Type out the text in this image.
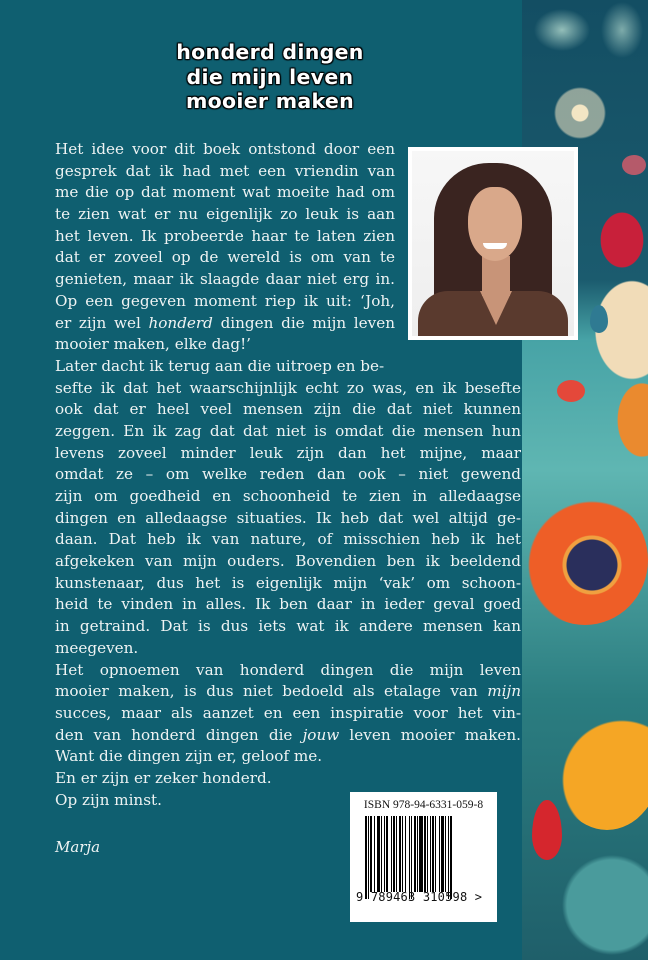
honderd dingen
die mijn leven
mooier maken
Het idee voor dit boek ontstond door een
gesprek dat ik had met een vriendin van
me die op dat moment wat moeite had om
te zien wat er nu eigenlijk zo leuk is aan
het leven. Ik probeerde haar te laten zien
dat er zoveel op de wereld is om van te
genieten, maar ik slaagde daar niet erg in.
Op een gegeven moment riep ik uit: ‘Joh,
er zijn wel honderd dingen die mijn leven
mooier maken, elke dag!’
Later dacht ik terug aan die uitroep en be-
sefte ik dat het waarschijnlijk echt zo was, en ik besefte
ook dat er heel veel mensen zijn die dat niet kunnen
zeggen. En ik zag dat dat niet is omdat die mensen hun
levens zoveel minder leuk zijn dan het mijne, maar
omdat ze – om welke reden dan ook – niet gewend
zijn om goedheid en schoonheid te zien in alledaagse
dingen en alledaagse situaties. Ik heb dat wel altijd ge-
daan. Dat heb ik van nature, of misschien heb ik het
afgekeken van mijn ouders. Bovendien ben ik beeldend
kunstenaar, dus het is eigenlijk mijn ‘vak’ om schoon-
heid te vinden in alles. Ik ben daar in ieder geval goed
in getraind. Dat is dus iets wat ik andere mensen kan
meegeven.
Het opnoemen van honderd dingen die mijn leven
mooier maken, is dus niet bedoeld als etalage van mijn
succes, maar als aanzet en een inspiratie voor het vin-
den van honderd dingen die jouw leven mooier maken.
Want die dingen zijn er, geloof me.
En er zijn er zeker honderd.
Op zijn minst.
Marja
ISBN 978-94-6331-059-8
9 789463 310598 >
